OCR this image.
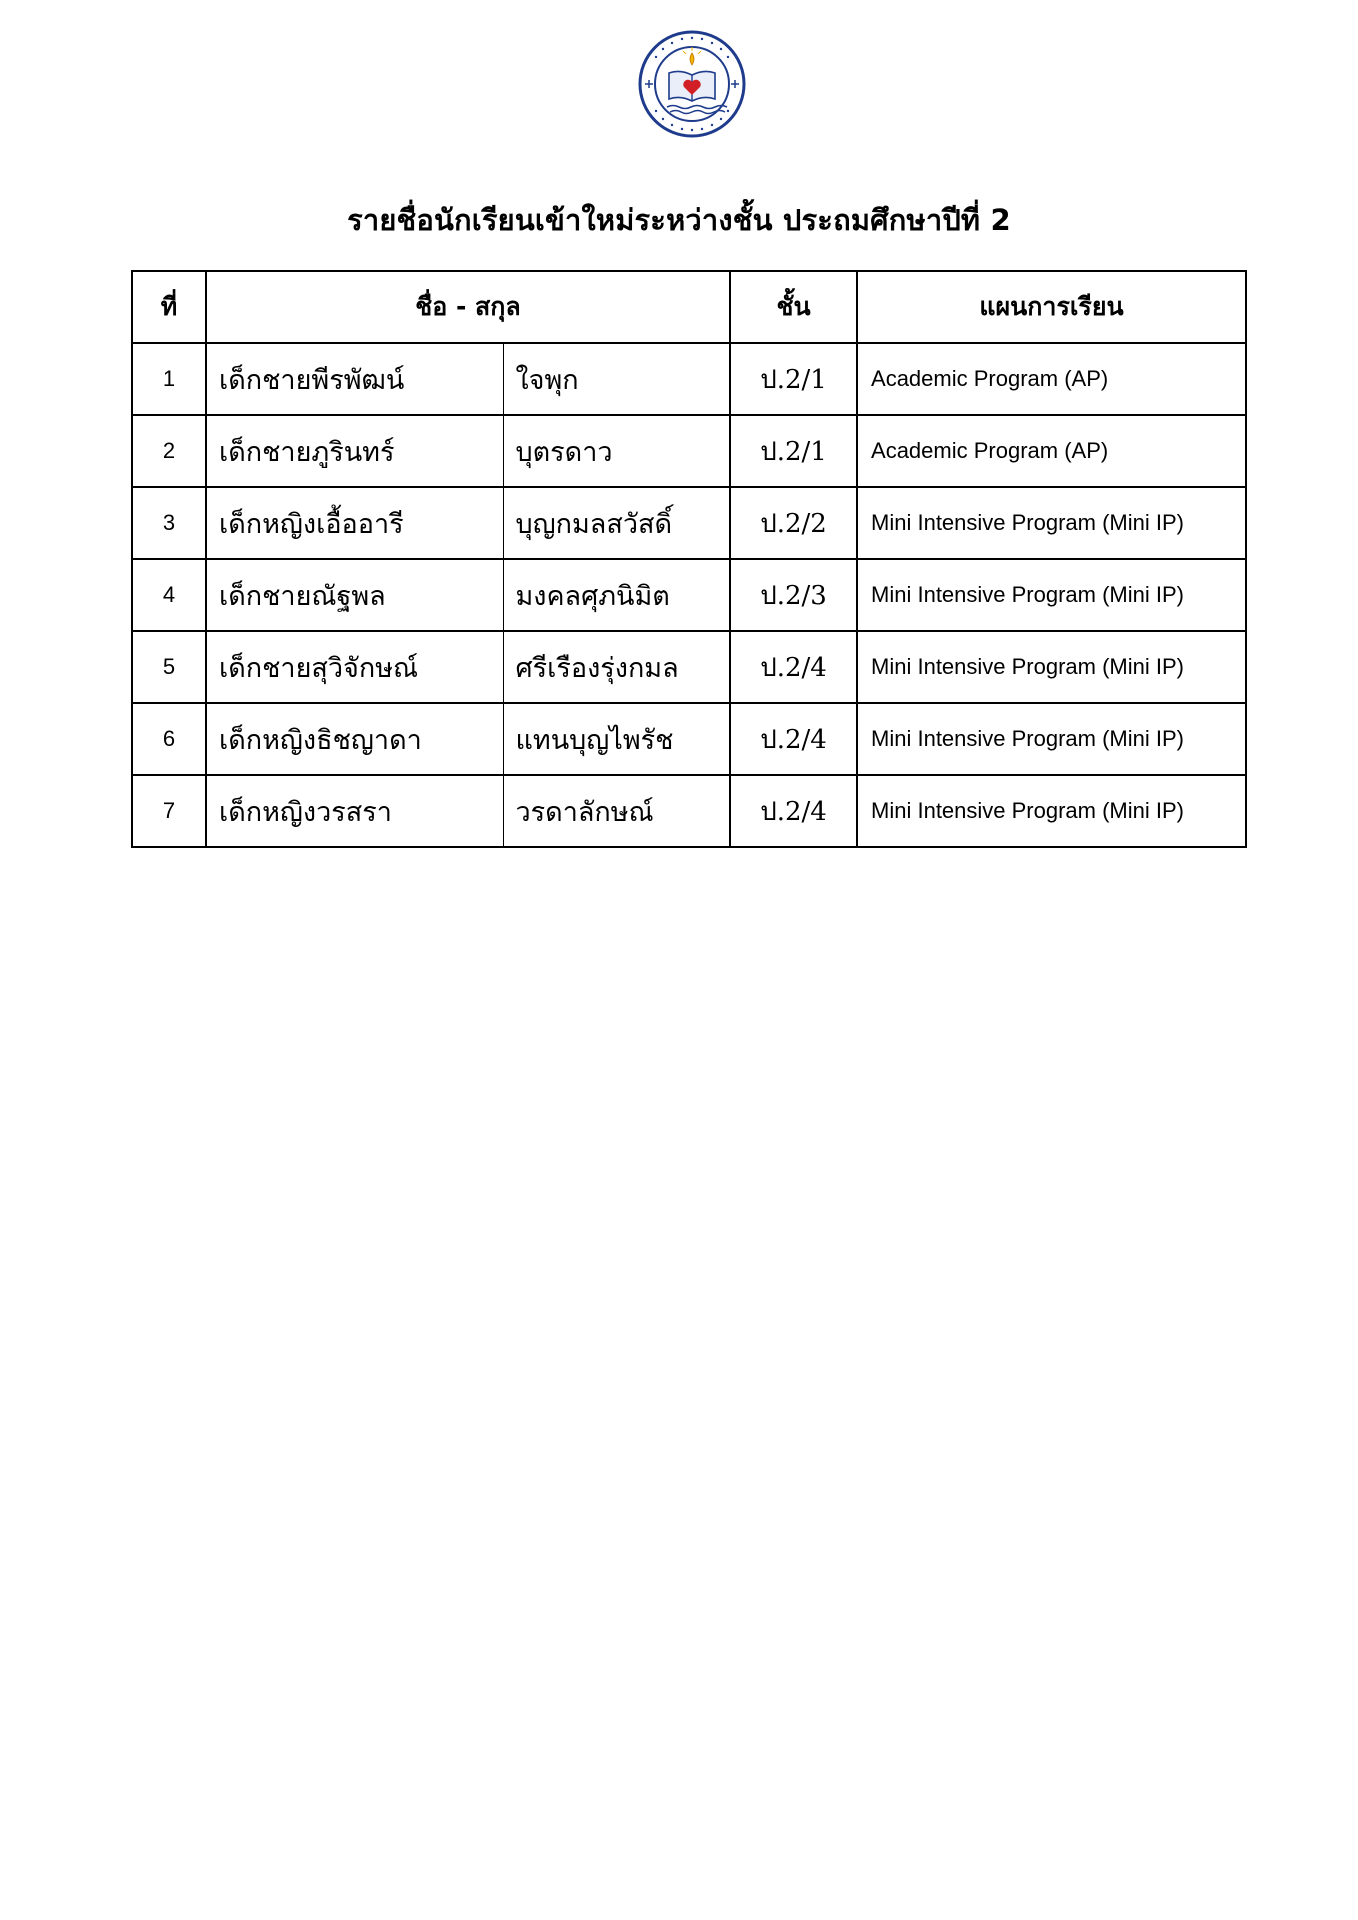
รายชื่อนักเรียนเข้าใหม่ระหว่างชั้น ประถมศึกษาปีที่ 2
ที่	ชื่อ - สกุล		ชั้น	แผนการเรียน
1	เด็กชายพีรพัฒน์	ใจพุก	ป.2/1	Academic Program (AP)
2	เด็กชายภูรินทร์	บุตรดาว	ป.2/1	Academic Program (AP)
3	เด็กหญิงเอื้ออารี	บุญกมลสวัสดิ์	ป.2/2	Mini Intensive Program (Mini IP)
4	เด็กชายณัฐพล	มงคลศุภนิมิต	ป.2/3	Mini Intensive Program (Mini IP)
5	เด็กชายสุวิจักษณ์	ศรีเรืองรุ่งกมล	ป.2/4	Mini Intensive Program (Mini IP)
6	เด็กหญิงธิชญาดา	แทนบุญไพรัช	ป.2/4	Mini Intensive Program (Mini IP)
7	เด็กหญิงวรสรา	วรดาลักษณ์	ป.2/4	Mini Intensive Program (Mini IP)
